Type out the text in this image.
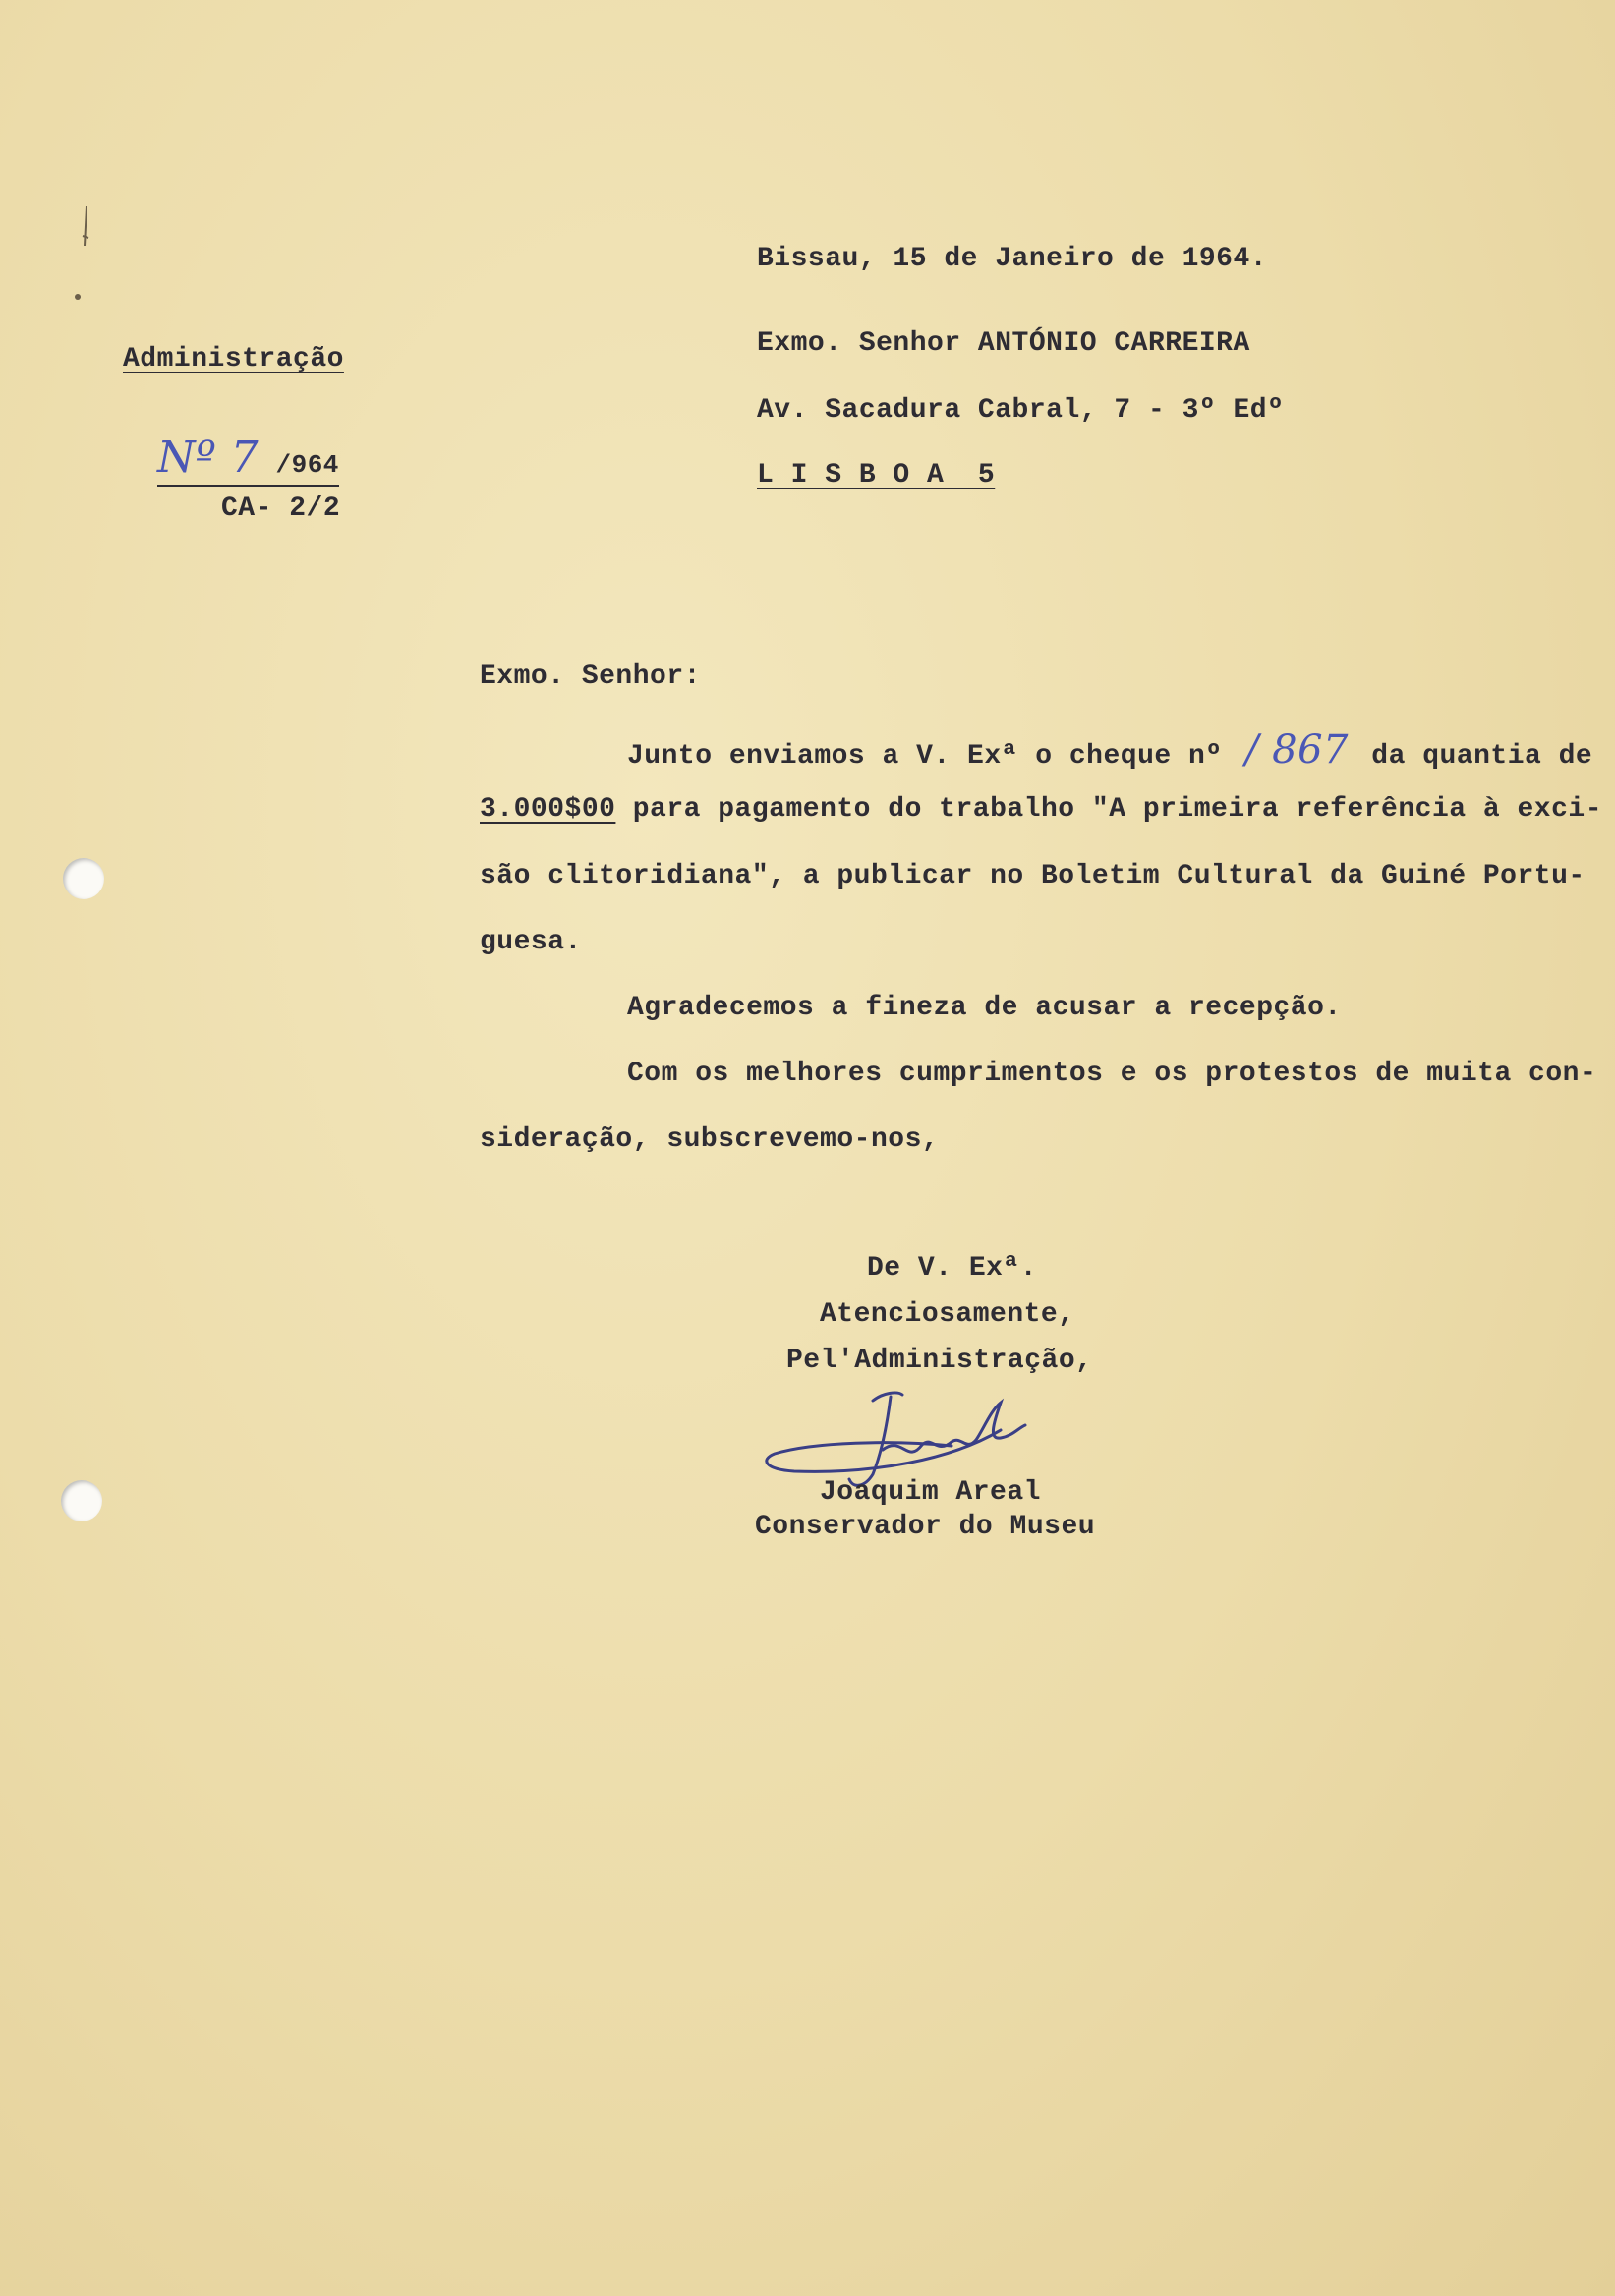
Administração
Nº 7 /964
CA- 2/2
Bissau, 15 de Janeiro de 1964.
Exmo. Senhor ANTÓNIO CARREIRA
Av. Sacadura Cabral, 7 - 3º Edº
L I S B O A  5
Exmo. Senhor:
Junto enviamos a V. Exª o cheque nº / 867 da quantia de
3.000$00 para pagamento do trabalho "A primeira referência à exci-
são clitoridiana", a publicar no Boletim Cultural da Guiné Portu-
guesa.
Agradecemos a fineza de acusar a recepção.
Com os melhores cumprimentos e os protestos de muita con-
sideração, subscrevemo-nos,
De V. Exª.
Atenciosamente,
Pel'Administração,
Joaquim Areal
Conservador do Museu
